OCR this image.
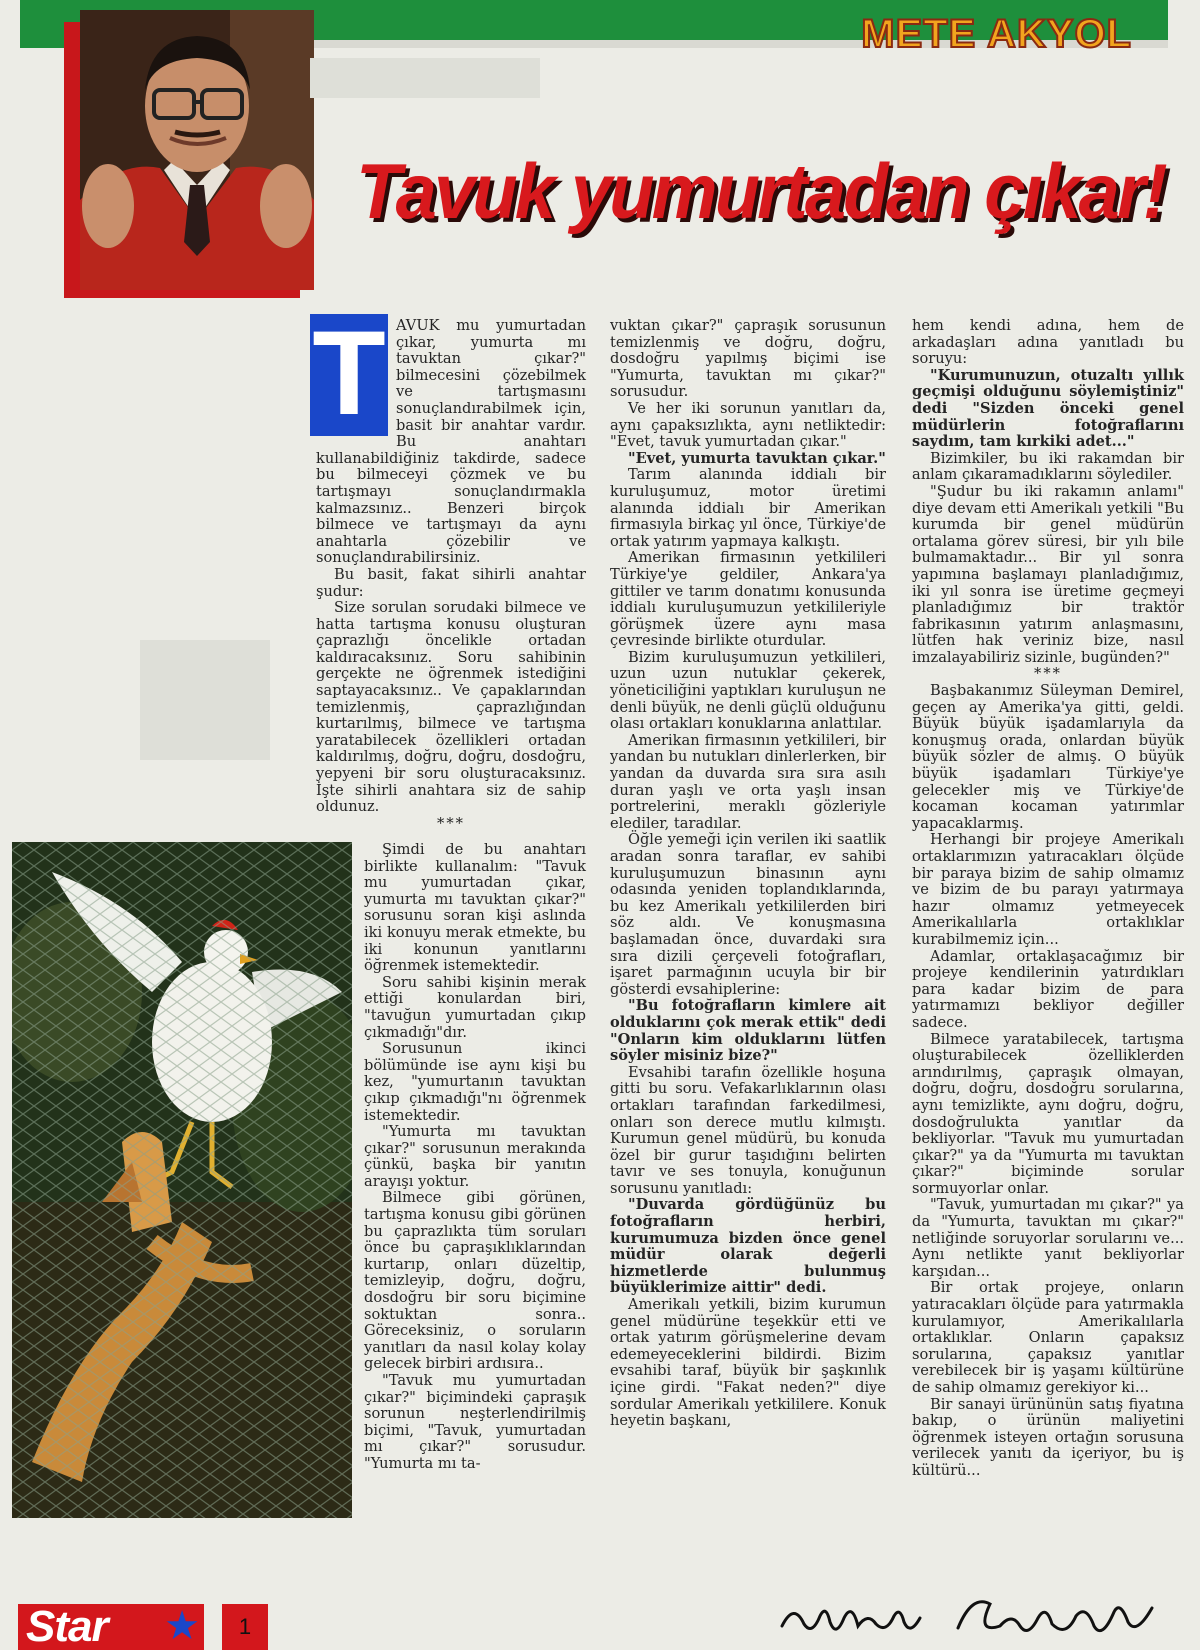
METE AKYOL
Tavuk yumurtadan çıkar!
T AVUK mu yumurtadan çıkar, yumurta mı tavuktan çıkar?" bilmecesini çözebilmek ve tartışmasını sonuçlandırabilmek için, basit bir anahtar vardır. Bu anahtarı kullanabildiğiniz takdirde, sadece bu bilmeceyi çözmek ve bu tartışmayı sonuçlandırmakla kalmazsınız.. Benzeri birçok bilmece ve tartışmayı da aynı anahtarla çözebilir ve sonuçlandırabilirsiniz.

Bu basit, fakat sihirli anahtar şudur:

Size sorulan sorudaki bilmece ve hatta tartışma konusu oluşturan çaprazlığı öncelikle ortadan kaldıracaksınız. Soru sahibinin gerçekte ne öğrenmek istediğini saptayacaksınız.. Ve çapaklarından temizlenmiş, çaprazlığından kurtarılmış, bilmece ve tartışma yaratabilecek özellikleri ortadan kaldırılmış, doğru, doğru, dosdoğru, yepyeni bir soru oluşturacaksınız. İşte sihirli anahtara siz de sahip oldunuz.

***

Şimdi de bu anahtarı birlikte kullanalım: "Tavuk mu yumurtadan çıkar, yumurta mı tavuktan çıkar?" sorusunu soran kişi aslında iki konuyu merak etmekte, bu iki konunun yanıtlarını öğrenmek istemektedir.

Soru sahibi kişinin merak ettiği konulardan biri, "tavuğun yumurtadan çıkıp çıkmadığı"dır.

Sorusunun ikinci bölümünde ise aynı kişi bu kez, "yumurtanın tavuktan çıkıp çıkmadığı"nı öğrenmek istemektedir.

"Yumurta mı tavuktan çıkar?" sorusunun merakında çünkü, başka bir yanıtın arayışı yoktur.

Bilmece gibi görünen, tartışma konusu gibi görünen bu çaprazlıkta tüm soruları önce bu çapraşıklıklarından kurtarıp, onları düzeltip, temizleyip, doğru, doğru, dosdoğru bir soru biçimine soktuktan sonra.. Göreceksiniz, o soruların yanıtları da nasıl kolay kolay gelecek birbiri ardısıra..

"Tavuk mu yumurtadan çıkar?" biçimindeki çapraşık sorunun neşterlendirilmiş biçimi, "Tavuk, yumurtadan mı çıkar?" sorusudur. "Yumurta mı ta-

vuktan çıkar?" çapraşık sorusunun temizlenmiş ve doğru, doğru, dosdoğru yapılmış biçimi ise "Yumurta, tavuktan mı çıkar?" sorusudur.

Ve her iki sorunun yanıtları da, aynı çapaksızlıkta, aynı netliktedir: "Evet, tavuk yumurtadan çıkar."

"Evet, yumurta tavuktan çıkar."

Tarım alanında iddialı bir kuruluşumuz, motor üretimi alanında iddialı bir Amerikan firmasıyla birkaç yıl önce, Türkiye'de ortak yatırım yapmaya kalkıştı.

Amerikan firmasının yetkilileri Türkiye'ye geldiler, Ankara'ya gittiler ve tarım donatımı konusunda iddialı kuruluşumuzun yetkilileriyle görüşmek üzere aynı masa çevresinde birlikte oturdular.

Bizim kuruluşumuzun yetkilileri, uzun uzun nutuklar çekerek, yöneticiliğini yaptıkları kuruluşun ne denli büyük, ne denli güçlü olduğunu olası ortakları konuklarına anlattılar.

Amerikan firmasının yetkilileri, bir yandan bu nutukları dinlerlerken, bir yandan da duvarda sıra sıra asılı duran yaşlı ve orta yaşlı insan portrelerini, meraklı gözleriyle elediler, taradılar.

Öğle yemeği için verilen iki saatlik aradan sonra taraflar, ev sahibi kuruluşumuzun binasının aynı odasında yeniden toplandıklarında, bu kez Amerikalı yetkililerden biri söz aldı. Ve konuşmasına başlamadan önce, duvardaki sıra sıra dizili çerçeveli fotoğrafları, işaret parmağının ucuyla bir bir gösterdi evsahiplerine:

"Bu fotoğrafların kimlere ait olduklarını çok merak ettik" dedi "Onların kim olduklarını lütfen söyler misiniz bize?"

Evsahibi tarafın özellikle hoşuna gitti bu soru. Vefakarlıklarının olası ortakları tarafından farkedilmesi, onları son derece mutlu kılmıştı. Kurumun genel müdürü, bu konuda özel bir gurur taşıdığını belirten tavır ve ses tonuyla, konuğunun sorusunu yanıtladı:

"Duvarda gördüğünüz bu fotoğrafların herbiri, kurumumuza bizden önce genel müdür olarak değerli hizmetlerde bulunmuş büyüklerimize aittir" dedi.

Amerikalı yetkili, bizim kurumun genel müdürüne teşekkür etti ve ortak yatırım görüşmelerine devam edemeyeceklerini bildirdi. Bizim evsahibi taraf, büyük bir şaşkınlık içine girdi. "Fakat neden?" diye sordular Amerikalı yetkililere. Konuk heyetin başkanı,

hem kendi adına, hem de arkadaşları adına yanıtladı bu soruyu:

"Kurumunuzun, otuzaltı yıllık geçmişi olduğunu söylemiştiniz" dedi "Sizden önceki genel müdürlerin fotoğraflarını saydım, tam kırkiki adet..."

Bizimkiler, bu iki rakamdan bir anlam çıkaramadıklarını söylediler.

"Şudur bu iki rakamın anlamı" diye devam etti Amerikalı yetkili "Bu kurumda bir genel müdürün ortalama görev süresi, bir yılı bile bulmamaktadır... Bir yıl sonra yapımına başlamayı planladığımız, iki yıl sonra ise üretime geçmeyi planladığımız bir traktör fabrikasının yatırım anlaşmasını, lütfen hak veriniz bize, nasıl imzalayabiliriz sizinle, bugünden?"

***

Başbakanımız Süleyman Demirel, geçen ay Amerika'ya gitti, geldi. Büyük büyük işadamlarıyla da konuşmuş orada, onlardan büyük büyük sözler de almış. O büyük büyük işadamları Türkiye'ye gelecekler miş ve Türkiye'de kocaman kocaman yatırımlar yapacaklarmış.

Herhangi bir projeye Amerikalı ortaklarımızın yatıracakları ölçüde bir paraya bizim de sahip olmamız ve bizim de bu parayı yatırmaya hazır olmamız yetmeyecek Amerikalılarla ortaklıklar kurabilmemiz için...

Adamlar, ortaklaşacağımız bir projeye kendilerinin yatırdıkları para kadar bizim de para yatırmamızı bekliyor değiller sadece.

Bilmece yaratabilecek, tartışma oluşturabilecek özelliklerden arındırılmış, çapraşık olmayan, doğru, doğru, dosdoğru sorularına, aynı temizlikte, aynı doğru, doğru, dosdoğrulukta yanıtlar da bekliyorlar. "Tavuk mu yumurtadan çıkar?" ya da "Yumurta mı tavuktan çıkar?" biçiminde sorular sormuyorlar onlar.

"Tavuk, yumurtadan mı çıkar?" ya da "Yumurta, tavuktan mı çıkar?" netliğinde soruyorlar sorularını ve... Aynı netlikte yanıt bekliyorlar karşıdan...

Bir ortak projeye, onların yatıracakları ölçüde para yatırmakla kurulamıyor, Amerikalılarla ortaklıklar. Onların çapaksız sorularına, çapaksız yanıtlar verebilecek bir iş yaşamı kültürüne de sahip olmamız gerekiyor ki...

Bir sanayi ürününün satış fiyatına bakıp, o ürünün maliyetini öğrenmek isteyen ortağın sorusuna verilecek yanıtı da içeriyor, bu iş kültürü...

Star ★	1
